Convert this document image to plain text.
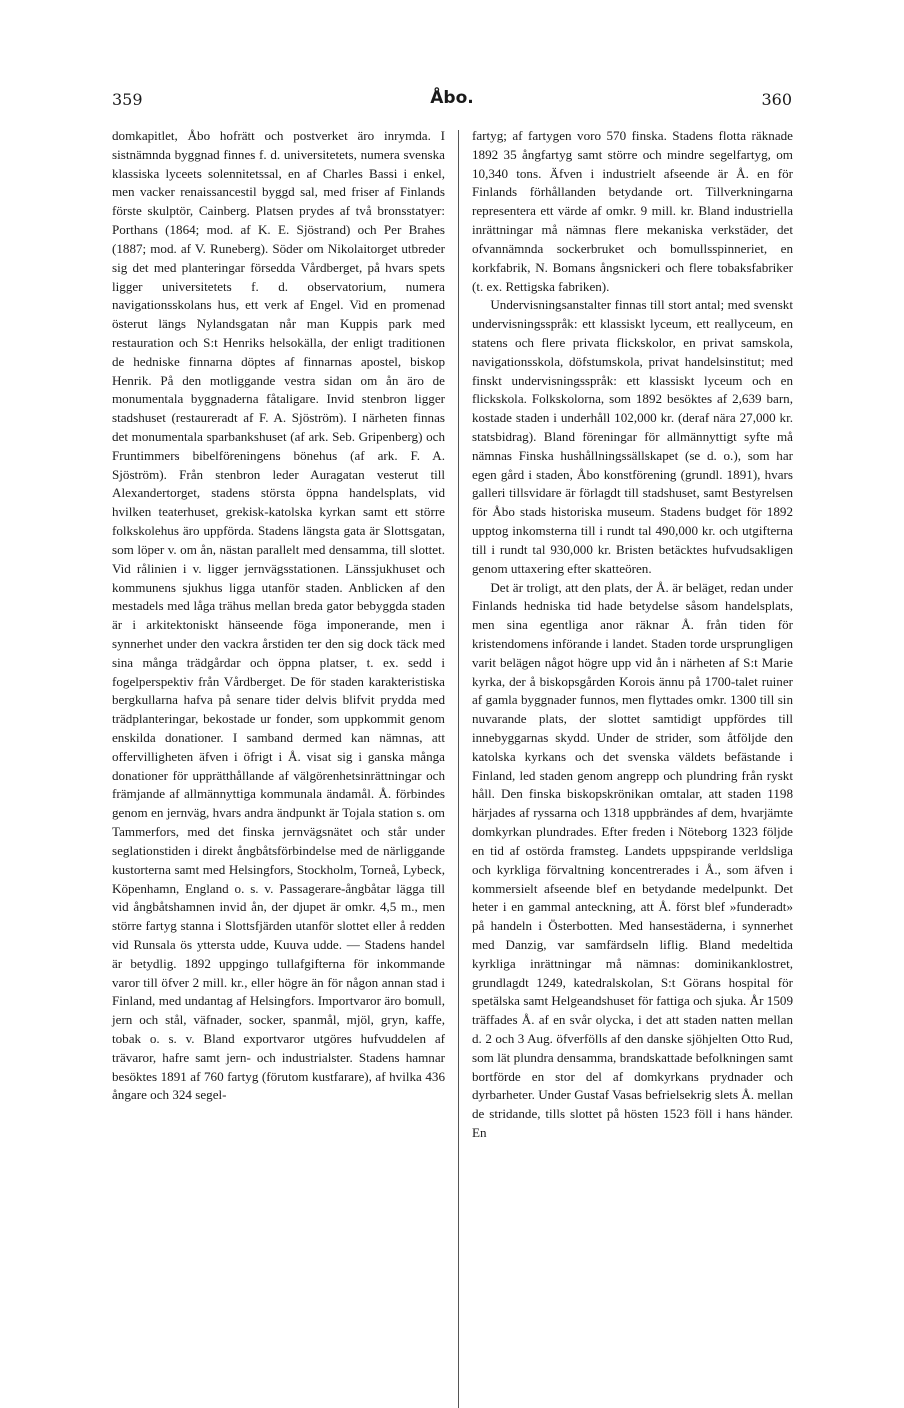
359	Åbo.	360

domkapitlet, Åbo hofrätt och postverket äro inrymda. I sistnämnda byggnad finnes f. d. universitetets, numera svenska klassiska lyceets solennitetssal, en af Charles Bassi i enkel, men vacker renaissancestil byggd sal, med friser af Finlands förste skulptör, Cainberg. Platsen prydes af två bronsstatyer: Porthans (1864; mod. af K. E. Sjöstrand) och Per Brahes (1887; mod. af V. Runeberg). Söder om Nikolaitorget utbreder sig det med planteringar försedda Vårdberget, på hvars spets ligger universitetets f. d. observatorium, numera navigationsskolans hus, ett verk af Engel. Vid en promenad österut längs Nylandsgatan når man Kuppis park med restauration och S:t Henriks helsokälla, der enligt traditionen de hedniske finnarna döptes af finnarnas apostel, biskop Henrik. På den motliggande vestra sidan om ån äro de monumentala byggnaderna fåtaligare. Invid stenbron ligger stadshuset (restaureradt af F. A. Sjöström). I närheten finnas det monumentala sparbankshuset (af ark. Seb. Gripenberg) och Fruntimmers bibelföreningens bönehus (af ark. F. A. Sjöström). Från stenbron leder Auragatan vesterut till Alexandertorget, stadens största öppna handelsplats, vid hvilken teaterhuset, grekisk-katolska kyrkan samt ett större folkskolehus äro uppförda. Stadens längsta gata är Slottsgatan, som löper v. om ån, nästan parallelt med densamma, till slottet. Vid rålinien i v. ligger jernvägsstationen. Länssjukhuset och kommunens sjukhus ligga utanför staden. Anblicken af den mestadels med låga trähus mellan breda gator bebyggda staden är i arkitektoniskt hänseende föga imponerande, men i synnerhet under den vackra årstiden ter den sig dock täck med sina många trädgårdar och öppna platser, t. ex. sedd i fogelperspektiv från Vårdberget. De för staden karakteristiska bergkullarna hafva på senare tider delvis blifvit prydda med trädplanteringar, bekostade ur fonder, som uppkommit genom enskilda donationer. I samband dermed kan nämnas, att offervilligheten äfven i öfrigt i Å. visat sig i ganska många donationer för upprätthållande af välgörenhetsinrättningar och främjande af allmännyttiga kommunala ändamål. Å. förbindes genom en jernväg, hvars andra ändpunkt är Tojala station s. om Tammerfors, med det finska jernvägsnätet och står under seglationstiden i direkt ångbåtsförbindelse med de närliggande kustorterna samt med Helsingfors, Stockholm, Torneå, Lybeck, Köpenhamn, England o. s. v. Passagerare-ångbåtar lägga till vid ångbåtshamnen invid ån, der djupet är omkr. 4,5 m., men större fartyg stanna i Slottsfjärden utanför slottet eller å redden vid Runsala ös yttersta udde, Kuuva udde. — Stadens handel är betydlig. 1892 uppgingo tullafgifterna för inkommande varor till öfver 2 mill. kr., eller högre än för någon annan stad i Finland, med undantag af Helsingfors. Importvaror äro bomull, jern och stål, väfnader, socker, spanmål, mjöl, gryn, kaffe, tobak o. s. v. Bland exportvaror utgöres hufvuddelen af trävaror, hafre samt jern- och industrialster. Stadens hamnar besöktes 1891 af 760 fartyg (förutom kustfarare), af hvilka 436 ångare och 324 segel-

fartyg; af fartygen voro 570 finska. Stadens flotta räknade 1892 35 ångfartyg samt större och mindre segelfartyg, om 10,340 tons. Äfven i industrielt afseende är Å. en för Finlands förhållanden betydande ort. Tillverkningarna representera ett värde af omkr. 9 mill. kr. Bland industriella inrättningar må nämnas flere mekaniska verkstäder, det ofvannämnda sockerbruket och bomullsspinneriet, en korkfabrik, N. Bomans ångsnickeri och flere tobaksfabriker (t. ex. Rettigska fabriken).

Undervisningsanstalter finnas till stort antal; med svenskt undervisningsspråk: ett klassiskt lyceum, ett reallyceum, en statens och flere privata flickskolor, en privat samskola, navigationsskola, döfstumskola, privat handelsinstitut; med finskt undervisningsspråk: ett klassiskt lyceum och en flickskola. Folkskolorna, som 1892 besöktes af 2,639 barn, kostade staden i underhåll 102,000 kr. (deraf nära 27,000 kr. statsbidrag). Bland föreningar för allmännyttigt syfte må nämnas Finska hushållningssällskapet (se d. o.), som har egen gård i staden, Åbo konstförening (grundl. 1891), hvars galleri tillsvidare är förlagdt till stadshuset, samt Bestyrelsen för Åbo stads historiska museum. Stadens budget för 1892 upptog inkomsterna till i rundt tal 490,000 kr. och utgifterna till i rundt tal 930,000 kr. Bristen betäcktes hufvudsakligen genom uttaxering efter skatteören.

Det är troligt, att den plats, der Å. är beläget, redan under Finlands hedniska tid hade betydelse såsom handelsplats, men sina egentliga anor räknar Å. från tiden för kristendomens införande i landet. Staden torde ursprungligen varit belägen något högre upp vid ån i närheten af S:t Marie kyrka, der å biskopsgården Korois ännu på 1700-talet ruiner af gamla byggnader funnos, men flyttades omkr. 1300 till sin nuvarande plats, der slottet samtidigt uppfördes till innebyggarnas skydd. Under de strider, som åtföljde den katolska kyrkans och det svenska väldets befästande i Finland, led staden genom angrepp och plundring från ryskt håll. Den finska biskopskrönikan omtalar, att staden 1198 härjades af ryssarna och 1318 uppbrändes af dem, hvarjämte domkyrkan plundrades. Efter freden i Nöteborg 1323 följde en tid af ostörda framsteg. Landets uppspirande verldsliga och kyrkliga förvaltning koncentrerades i Å., som äfven i kommersielt afseende blef en betydande medelpunkt. Det heter i en gammal anteckning, att Å. först blef »funderadt» på handeln i Österbotten. Med hansestäderna, i synnerhet med Danzig, var samfärdseln liflig. Bland medeltida kyrkliga inrättningar må nämnas: dominikanklostret, grundlagdt 1249, katedralskolan, S:t Görans hospital för spetälska samt Helgeandshuset för fattiga och sjuka. År 1509 träffades Å. af en svår olycka, i det att staden natten mellan d. 2 och 3 Aug. öfverfölls af den danske sjöhjelten Otto Rud, som lät plundra densamma, brandskattade befolkningen samt bortförde en stor del af domkyrkans prydnader och dyrbarheter. Under Gustaf Vasas befrielsekrig slets Å. mellan de stridande, tills slottet på hösten 1523 föll i hans händer. En
